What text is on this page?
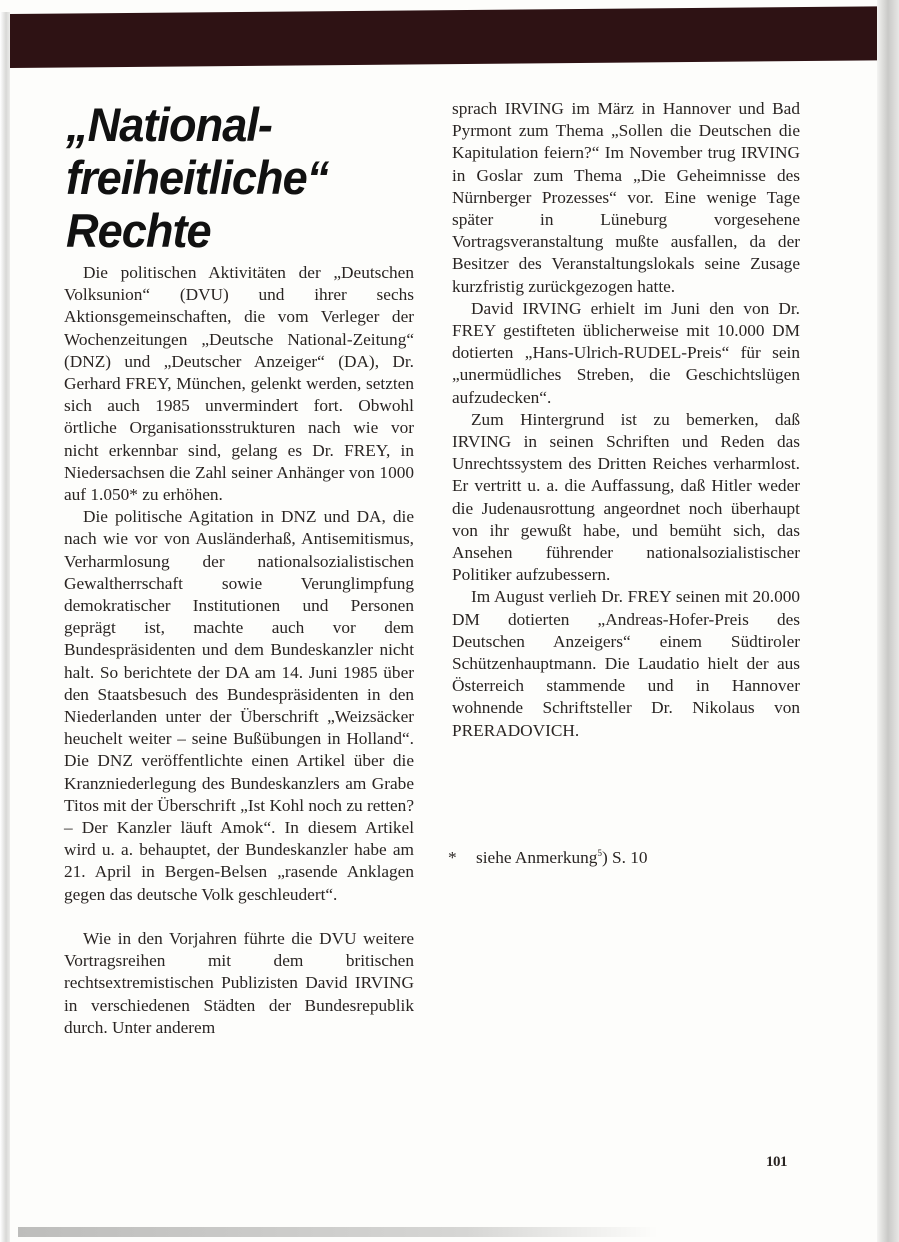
„National-
freiheitliche“
Rechte

Die politischen Aktivitäten der „Deutschen Volksunion“ (DVU) und ihrer sechs Aktionsgemeinschaften, die vom Verleger der Wochenzeitungen „Deutsche National-Zeitung“ (DNZ) und „Deutscher Anzeiger“ (DA), Dr. Gerhard FREY, München, gelenkt werden, setzten sich auch 1985 unvermindert fort. Obwohl örtliche Organisationsstrukturen nach wie vor nicht erkennbar sind, gelang es Dr. FREY, in Niedersachsen die Zahl seiner Anhänger von 1000 auf 1.050* zu erhöhen.

Die politische Agitation in DNZ und DA, die nach wie vor von Ausländerhaß, Antisemitismus, Verharmlosung der nationalsozialistischen Gewaltherrschaft sowie Verunglimpfung demokratischer Institutionen und Personen geprägt ist, machte auch vor dem Bundespräsidenten und dem Bundeskanzler nicht halt. So berichtete der DA am 14. Juni 1985 über den Staatsbesuch des Bundespräsidenten in den Niederlanden unter der Überschrift „Weizsäcker heuchelt weiter – seine Bußübungen in Holland“. Die DNZ veröffentlichte einen Artikel über die Kranzniederlegung des Bundeskanzlers am Grabe Titos mit der Überschrift „Ist Kohl noch zu retten? – Der Kanzler läuft Amok“. In diesem Artikel wird u. a. behauptet, der Bundeskanzler habe am 21. April in Bergen-Belsen „rasende Anklagen gegen das deutsche Volk geschleudert“.

Wie in den Vorjahren führte die DVU weitere Vortragsreihen mit dem britischen rechtsextremistischen Publizisten David IRVING in verschiedenen Städten der Bundesrepublik durch. Unter anderem

sprach IRVING im März in Hannover und Bad Pyrmont zum Thema „Sollen die Deutschen die Kapitulation feiern?“ Im November trug IRVING in Goslar zum Thema „Die Geheimnisse des Nürnberger Prozesses“ vor. Eine wenige Tage später in Lüneburg vorgesehene Vortragsveranstaltung mußte ausfallen, da der Besitzer des Veranstaltungslokals seine Zusage kurzfristig zurückgezogen hatte.

David IRVING erhielt im Juni den von Dr. FREY gestifteten üblicherweise mit 10.000 DM dotierten „Hans-Ulrich-RUDEL-Preis“ für sein „unermüdliches Streben, die Geschichtslügen aufzudecken“.

Zum Hintergrund ist zu bemerken, daß IRVING in seinen Schriften und Reden das Unrechtssystem des Dritten Reiches verharmlost. Er vertritt u. a. die Auffassung, daß Hitler weder die Judenausrottung angeordnet noch überhaupt von ihr gewußt habe, und bemüht sich, das Ansehen führender nationalsozialistischer Politiker aufzubessern.

Im August verlieh Dr. FREY seinen mit 20.000 DM dotierten „Andreas-Hofer-Preis des Deutschen Anzeigers“ einem Südtiroler Schützenhauptmann. Die Laudatio hielt der aus Österreich stammende und in Hannover wohnende Schriftsteller Dr. Nikolaus von PRERADOVICH.

* siehe Anmerkung$^5$) S. 10
101
